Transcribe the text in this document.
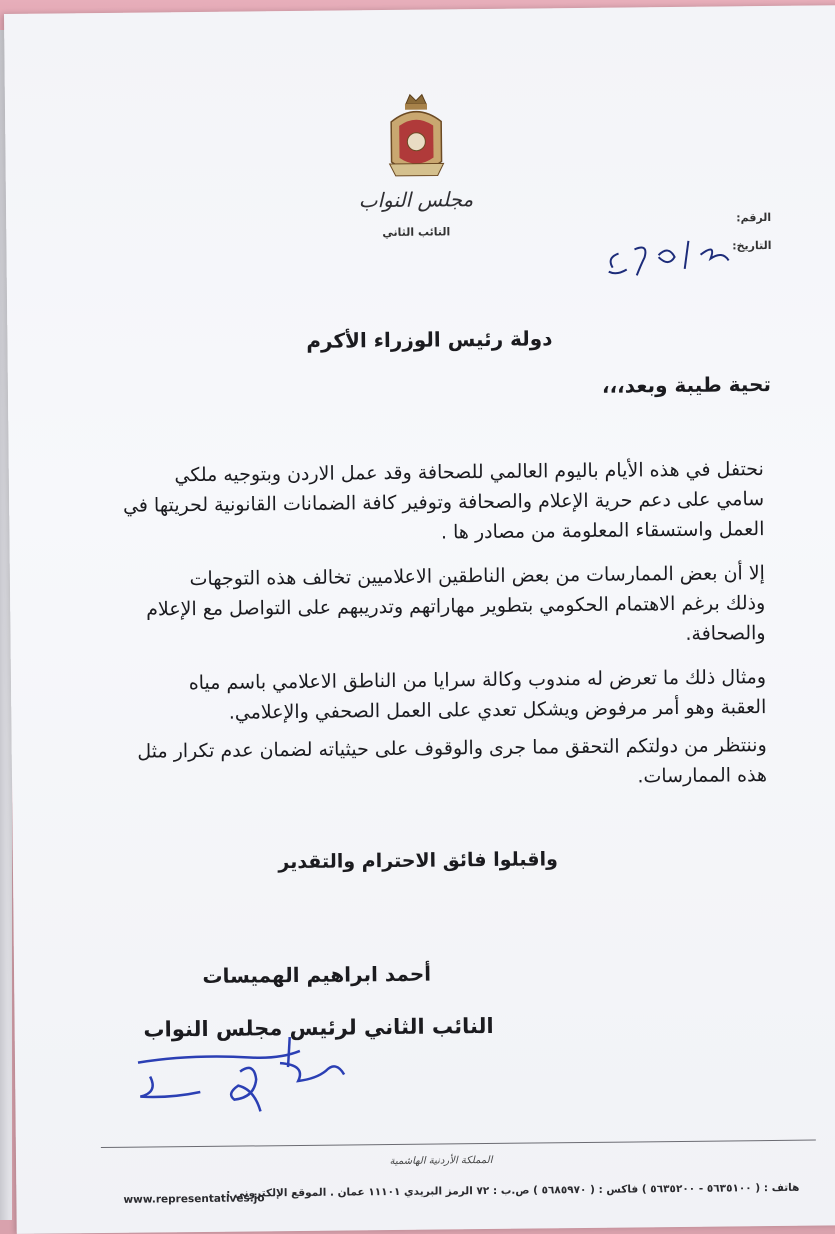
مجلس النواب
النائب الثاني
الرقم:
التاريخ:
دولة رئيس الوزراء الأكرم
تحية طيبة وبعد،،،
نحتفل في هذه الأيام باليوم العالمي للصحافة وقد عمل الاردن وبتوجيه ملكي
سامي على دعم حرية الإعلام والصحافة وتوفير كافة الضمانات القانونية لحريتها في
العمل واستسقاء المعلومة من مصادر ها .
إلا أن بعض الممارسات من بعض الناطقين الاعلاميين تخالف هذه التوجهات
وذلك برغم الاهتمام الحكومي بتطوير مهاراتهم وتدريبهم على التواصل مع الإعلام
والصحافة.
ومثال ذلك ما تعرض له مندوب وكالة سرايا من الناطق الاعلامي باسم مياه
العقبة وهو أمر مرفوض ويشكل تعدي على العمل الصحفي والإعلامي.
وننتظر من دولتكم التحقق مما جرى والوقوف على حيثياته لضمان عدم تكرار مثل
هذه الممارسات.
واقبلوا فائق الاحترام والتقدير
أحمد ابراهيم الهميسات
النائب الثاني لرئيس مجلس النواب
المملكة الأردنية الهاشمية
هاتف : ( ٥٦٣٥١٠٠ - ٥٦٣٥٢٠٠ ) فاكس : ( ٥٦٨٥٩٧٠ ) ص.ب : ٧٢ الرمز البريدي ١١١٠١ عمان . الموقع الإلكتروني :
www.representatives.jo
